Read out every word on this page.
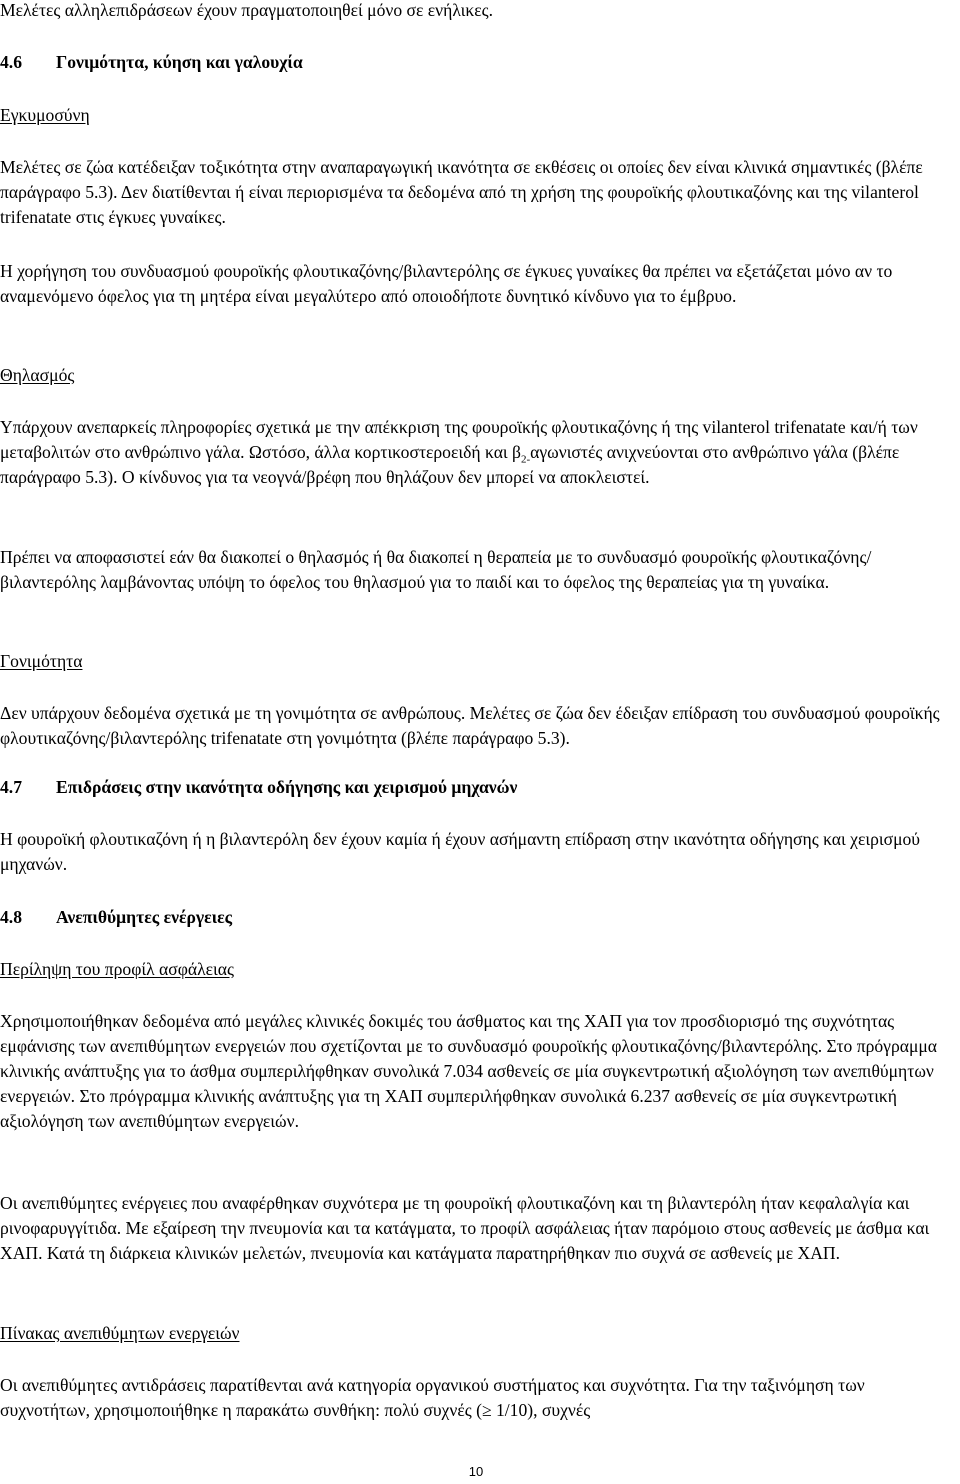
Μελέτες αλληλεπιδράσεων έχουν πραγματοποιηθεί μόνο σε ενήλικες.

4.6 Γονιμότητα, κύηση και γαλουχία
Εγκυμοσύνη

Μελέτες σε ζώα κατέδειξαν τοξικότητα στην αναπαραγωγική ικανότητα σε εκθέσεις οι οποίες δεν είναι κλινικά σημαντικές (βλέπε παράγραφο 5.3). Δεν διατίθενται ή είναι περιορισμένα τα δεδομένα από τη χρήση της φουροϊκής φλουτικαζόνης και της vilanterol trifenatate στις έγκυες γυναίκες.

Η χορήγηση του συνδυασμού φουροϊκής φλουτικαζόνης/βιλαντερόλης σε έγκυες γυναίκες θα πρέπει να εξετάζεται μόνο αν το αναμενόμενο όφελος για τη μητέρα είναι μεγαλύτερο από οποιοδήποτε δυνητικό κίνδυνο για το έμβρυο.

Θηλασμός

Υπάρχουν ανεπαρκείς πληροφορίες σχετικά με την απέκκριση της φουροϊκής φλουτικαζόνης ή της vilanterol trifenatate και/ή των μεταβολιτών στο ανθρώπινο γάλα. Ωστόσο, άλλα κορτικοστεροειδή και $\beta_{2-}\alpha\gamma\omega\nu\iota\sigma\tau έ\varsigma$ ανιχνεύονται στο ανθρώπινο γάλα (βλέπε παράγραφο 5.3). Ο κίνδυνος για τα νεογνά/βρέφη που θηλάζουν δεν μπορεί να αποκλειστεί.

Πρέπει να αποφασιστεί εάν θα διακοπεί ο θηλασμός ή θα διακοπεί η θεραπεία με το συνδυασμό φουροϊκής φλουτικαζόνης/βιλαντερόλης λαμβάνοντας υπόψη το όφελος του θηλασμού για το παιδί και το όφελος της θεραπείας για τη γυναίκα.

Γονιμότητα

Δεν υπάρχουν δεδομένα σχετικά με τη γονιμότητα σε ανθρώπους. Μελέτες σε ζώα δεν έδειξαν επίδραση του συνδυασμού φουροϊκής φλουτικαζόνης/βιλαντερόλης trifenatate στη γονιμότητα (βλέπε παράγραφο 5.3).

4.7 Επιδράσεις στην ικανότητα οδήγησης και χειρισμού μηχανών

Η φουροϊκή φλουτικαζόνη ή η βιλαντερόλη δεν έχουν καμία ή έχουν ασήμαντη επίδραση στην ικανότητα οδήγησης και χειρισμού μηχανών.

4.8 Ανεπιθύμητες ενέργειες
Περίληψη του προφίλ ασφάλειας

Χρησιμοποιήθηκαν δεδομένα από μεγάλες κλινικές δοκιμές του άσθματος και της ΧΑΠ για τον προσδιορισμό της συχνότητας εμφάνισης των ανεπιθύμητων ενεργειών που σχετίζονται με το συνδυασμό φουροϊκής φλουτικαζόνης/βιλαντερόλης. Στο πρόγραμμα κλινικής ανάπτυξης για το άσθμα συμπεριλήφθηκαν συνολικά 7.034 ασθενείς σε μία συγκεντρωτική αξιολόγηση των ανεπιθύμητων ενεργειών. Στο πρόγραμμα κλινικής ανάπτυξης για τη ΧΑΠ συμπεριλήφθηκαν συνολικά 6.237 ασθενείς σε μία συγκεντρωτική αξιολόγηση των ανεπιθύμητων ενεργειών.

Οι ανεπιθύμητες ενέργειες που αναφέρθηκαν συχνότερα με τη φουροϊκή φλουτικαζόνη και τη βιλαντερόλη ήταν κεφαλαλγία και ρινοφαρυγγίτιδα. Με εξαίρεση την πνευμονία και τα κατάγματα, το προφίλ ασφάλειας ήταν παρόμοιο στους ασθενείς με άσθμα και ΧΑΠ. Κατά τη διάρκεια κλινικών μελετών, πνευμονία και κατάγματα παρατηρήθηκαν πιο συχνά σε ασθενείς με ΧΑΠ.

Πίνακας ανεπιθύμητων ενεργειών

Οι ανεπιθύμητες αντιδράσεις παρατίθενται ανά κατηγορία οργανικού συστήματος και συχνότητα. Για την ταξινόμηση των συχνοτήτων, χρησιμοποιήθηκε η παρακάτω συνθήκη: πολύ συχνές (≥ 1/10), συχνές

10
